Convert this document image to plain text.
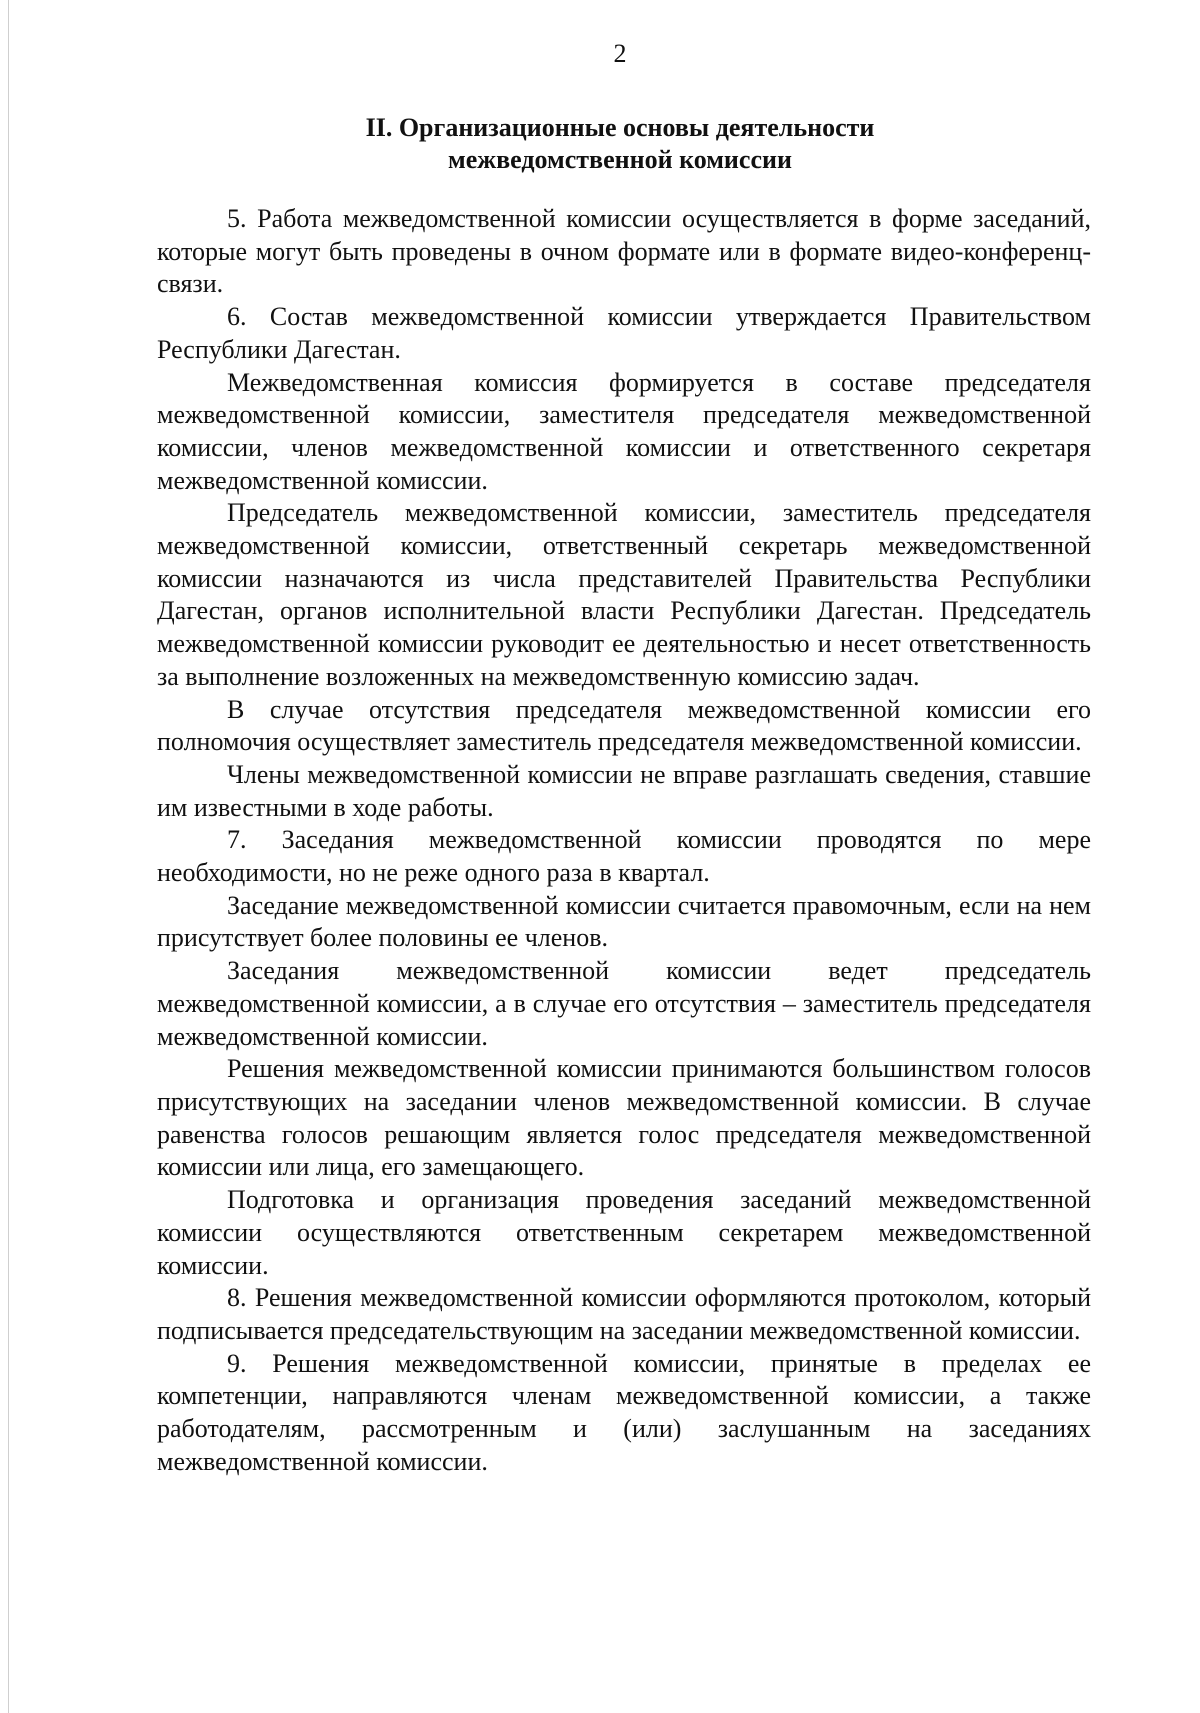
2
II. Организационные основы деятельности
межведомственной комиссии

5. Работа межведомственной комиссии осуществляется в форме заседаний, которые могут быть проведены в очном формате или в формате видео-конференц-связи.

6. Состав межведомственной комиссии утверждается Правительством Республики Дагестан.

Межведомственная комиссия формируется в составе председателя межведомственной комиссии, заместителя председателя межведомственной комиссии, членов межведомственной комиссии и ответственного секретаря межведомственной комиссии.

Председатель межведомственной комиссии, заместитель председателя межведомственной комиссии, ответственный секретарь межведомственной комиссии назначаются из числа представителей Правительства Республики Дагестан, органов исполнительной власти Республики Дагестан. Председатель межведомственной комиссии руководит ее деятельностью и несет ответственность за выполнение возложенных на межведомственную комиссию задач.

В случае отсутствия председателя межведомственной комиссии его полномочия осуществляет заместитель председателя межведомственной комиссии.

Члены межведомственной комиссии не вправе разглашать сведения, ставшие им известными в ходе работы.

7. Заседания межведомственной комиссии проводятся по мере необходимости, но не реже одного раза в квартал.

Заседание межведомственной комиссии считается правомочным, если на нем присутствует более половины ее членов.

Заседания межведомственной комиссии ведет председатель межведомственной комиссии, а в случае его отсутствия – заместитель председателя межведомственной комиссии.

Решения межведомственной комиссии принимаются большинством голосов присутствующих на заседании членов межведомственной комиссии. В случае равенства голосов решающим является голос председателя межведомственной комиссии или лица, его замещающего.

Подготовка и организация проведения заседаний межведомственной комиссии осуществляются ответственным секретарем межведомственной комиссии.

8. Решения межведомственной комиссии оформляются протоколом, который подписывается председательствующим на заседании межведомственной комиссии.

9. Решения межведомственной комиссии, принятые в пределах ее компетенции, направляются членам межведомственной комиссии, а также работодателям, рассмотренным и (или) заслушанным на заседаниях межведомственной комиссии.
